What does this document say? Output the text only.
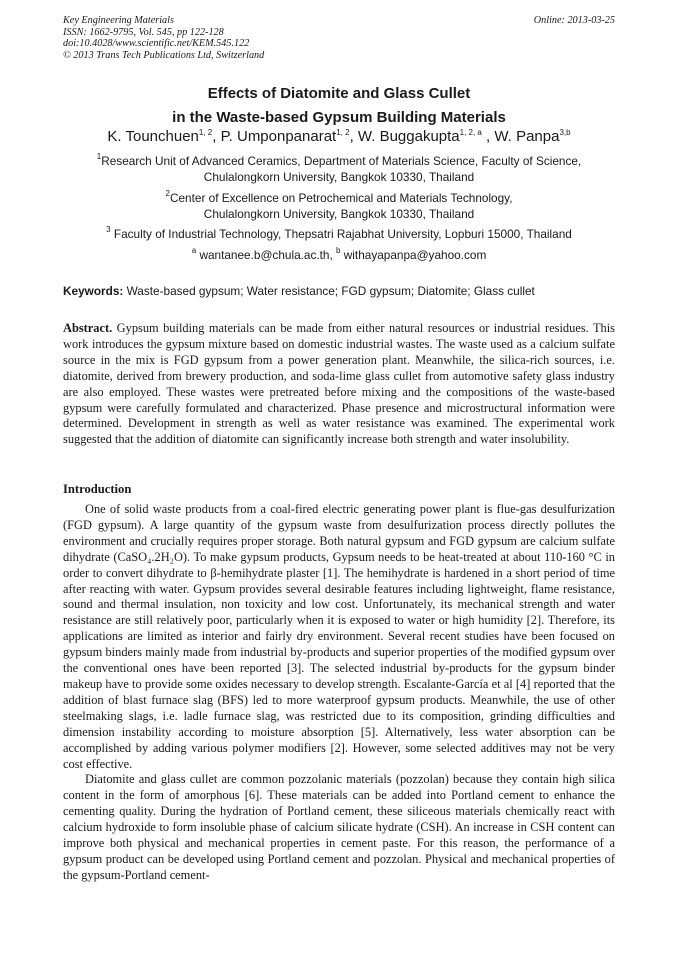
Key Engineering Materials
ISSN: 1662-9795, Vol. 545, pp 122-128
doi:10.4028/www.scientific.net/KEM.545.122
© 2013 Trans Tech Publications Ltd, Switzerland
Online: 2013-03-25
Effects of Diatomite and Glass Cullet
in the Waste-based Gypsum Building Materials
K. Tounchuen$^{1, 2}$, P. Umponpanarat$^{1, 2}$, W. Buggakupta$^{1, 2, a}$ , W. Panpa$^{3,b}$
$^1$Research Unit of Advanced Ceramics, Department of Materials Science, Faculty of Science,
Chulalongkorn University, Bangkok 10330, Thailand
$^2$Center of Excellence on Petrochemical and Materials Technology,
Chulalongkorn University, Bangkok 10330, Thailand
$^3$ Faculty of Industrial Technology, Thepsatri Rajabhat University, Lopburi 15000, Thailand
$^a$ wantanee.b@chula.ac.th, $^b$ withayapanpa@yahoo.com
Keywords: Waste-based gypsum; Water resistance; FGD gypsum; Diatomite; Glass cullet

Abstract. Gypsum building materials can be made from either natural resources or industrial residues. This work introduces the gypsum mixture based on domestic industrial wastes. The waste used as a calcium sulfate source in the mix is FGD gypsum from a power generation plant. Meanwhile, the silica-rich sources, i.e. diatomite, derived from brewery production, and soda-lime glass cullet from automotive safety glass industry are also employed. These wastes were pretreated before mixing and the compositions of the waste-based gypsum were carefully formulated and characterized. Phase presence and microstructural information were determined. Development in strength as well as water resistance was examined. The experimental work suggested that the addition of diatomite can significantly increase both strength and water insolubility.

Introduction

One of solid waste products from a coal-fired electric generating power plant is flue-gas desulfurization (FGD gypsum). A large quantity of the gypsum waste from desulfurization process directly pollutes the environment and crucially requires proper storage. Both natural gypsum and FGD gypsum are calcium sulfate dihydrate (CaSO₄.2H₂O). To make gypsum products, Gypsum needs to be heat-treated at about 110-160 °C in order to convert dihydrate to β-hemihydrate plaster [1]. The hemihydrate is hardened in a short period of time after reacting with water. Gypsum provides several desirable features including lightweight, flame resistance, sound and thermal insulation, non toxicity and low cost. Unfortunately, its mechanical strength and water resistance are still relatively poor, particularly when it is exposed to water or high humidity [2]. Therefore, its applications are limited as interior and fairly dry environment. Several recent studies have been focused on gypsum binders mainly made from industrial by-products and superior properties of the modified gypsum over the conventional ones have been reported [3]. The selected industrial by-products for the gypsum binder makeup have to provide some oxides necessary to develop strength. Escalante-García et al [4] reported that the addition of blast furnace slag (BFS) led to more waterproof gypsum products. Meanwhile, the use of other steelmaking slags, i.e. ladle furnace slag, was restricted due to its composition, grinding difficulties and dimension instability according to moisture absorption [5]. Alternatively, less water absorption can be accomplished by adding various polymer modifiers [2]. However, some selected additives may not be very cost effective.

Diatomite and glass cullet are common pozzolanic materials (pozzolan) because they contain high silica content in the form of amorphous [6]. These materials can be added into Portland cement to enhance the cementing quality. During the hydration of Portland cement, these siliceous materials chemically react with calcium hydroxide to form insoluble phase of calcium silicate hydrate (CSH). An increase in CSH content can improve both physical and mechanical properties in cement paste. For this reason, the performance of a gypsum product can be developed using Portland cement and pozzolan. Physical and mechanical properties of the gypsum-Portland cement-
